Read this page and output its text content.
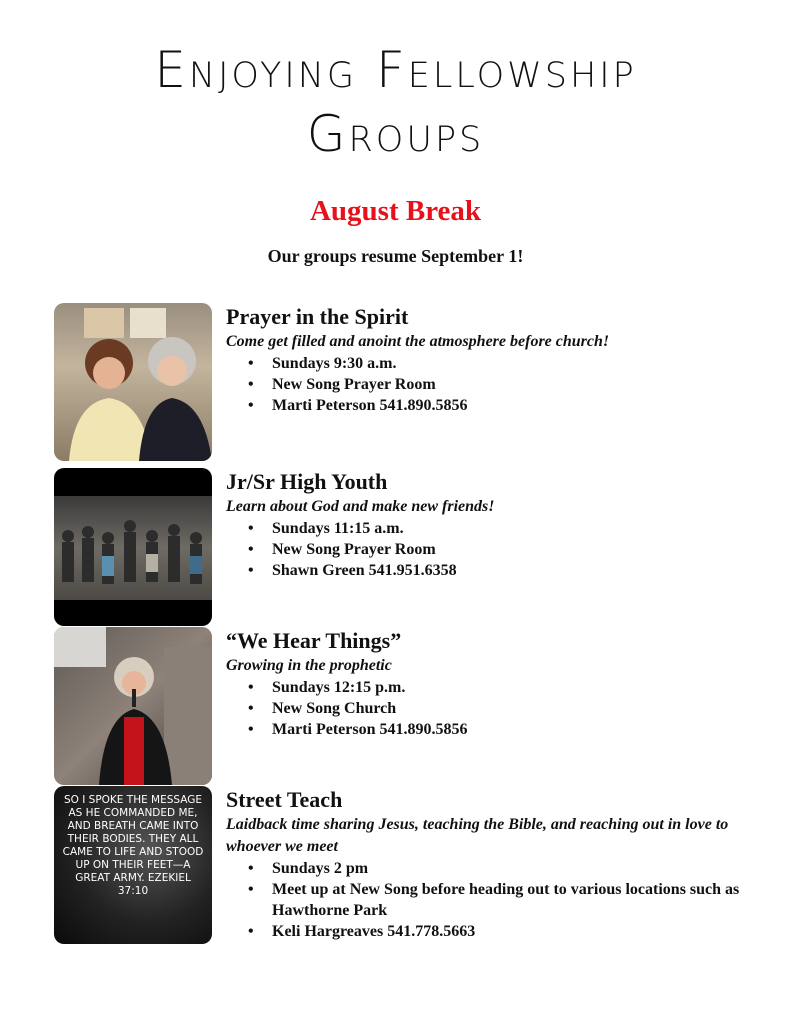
Enjoying Fellowship
Groups
August Break
Our groups resume September 1!
Prayer in the Spirit
Come get filled and anoint the atmosphere before church!
• Sundays 9:30 a.m.
• New Song Prayer Room
• Marti Peterson 541.890.5856
Jr/Sr High Youth
Learn about God and make new friends!
• Sundays 11:15 a.m.
• New Song Prayer Room
• Shawn Green 541.951.6358
“We Hear Things”
Growing in the prophetic
• Sundays 12:15 p.m.
• New Song Church
• Marti Peterson 541.890.5856
SO I SPOKE THE MESSAGE AS HE COMMANDED ME, AND BREATH CAME INTO THEIR BODIES. THEY ALL CAME TO LIFE AND STOOD UP ON THEIR FEET—A GREAT ARMY. EZEKIEL 37:10
Street Teach
Laidback time sharing Jesus, teaching the Bible, and reaching out in love to whoever we meet
• Sundays 2 pm
• Meet up at New Song before heading out to various locations such as Hawthorne Park
• Keli Hargreaves 541.778.5663
